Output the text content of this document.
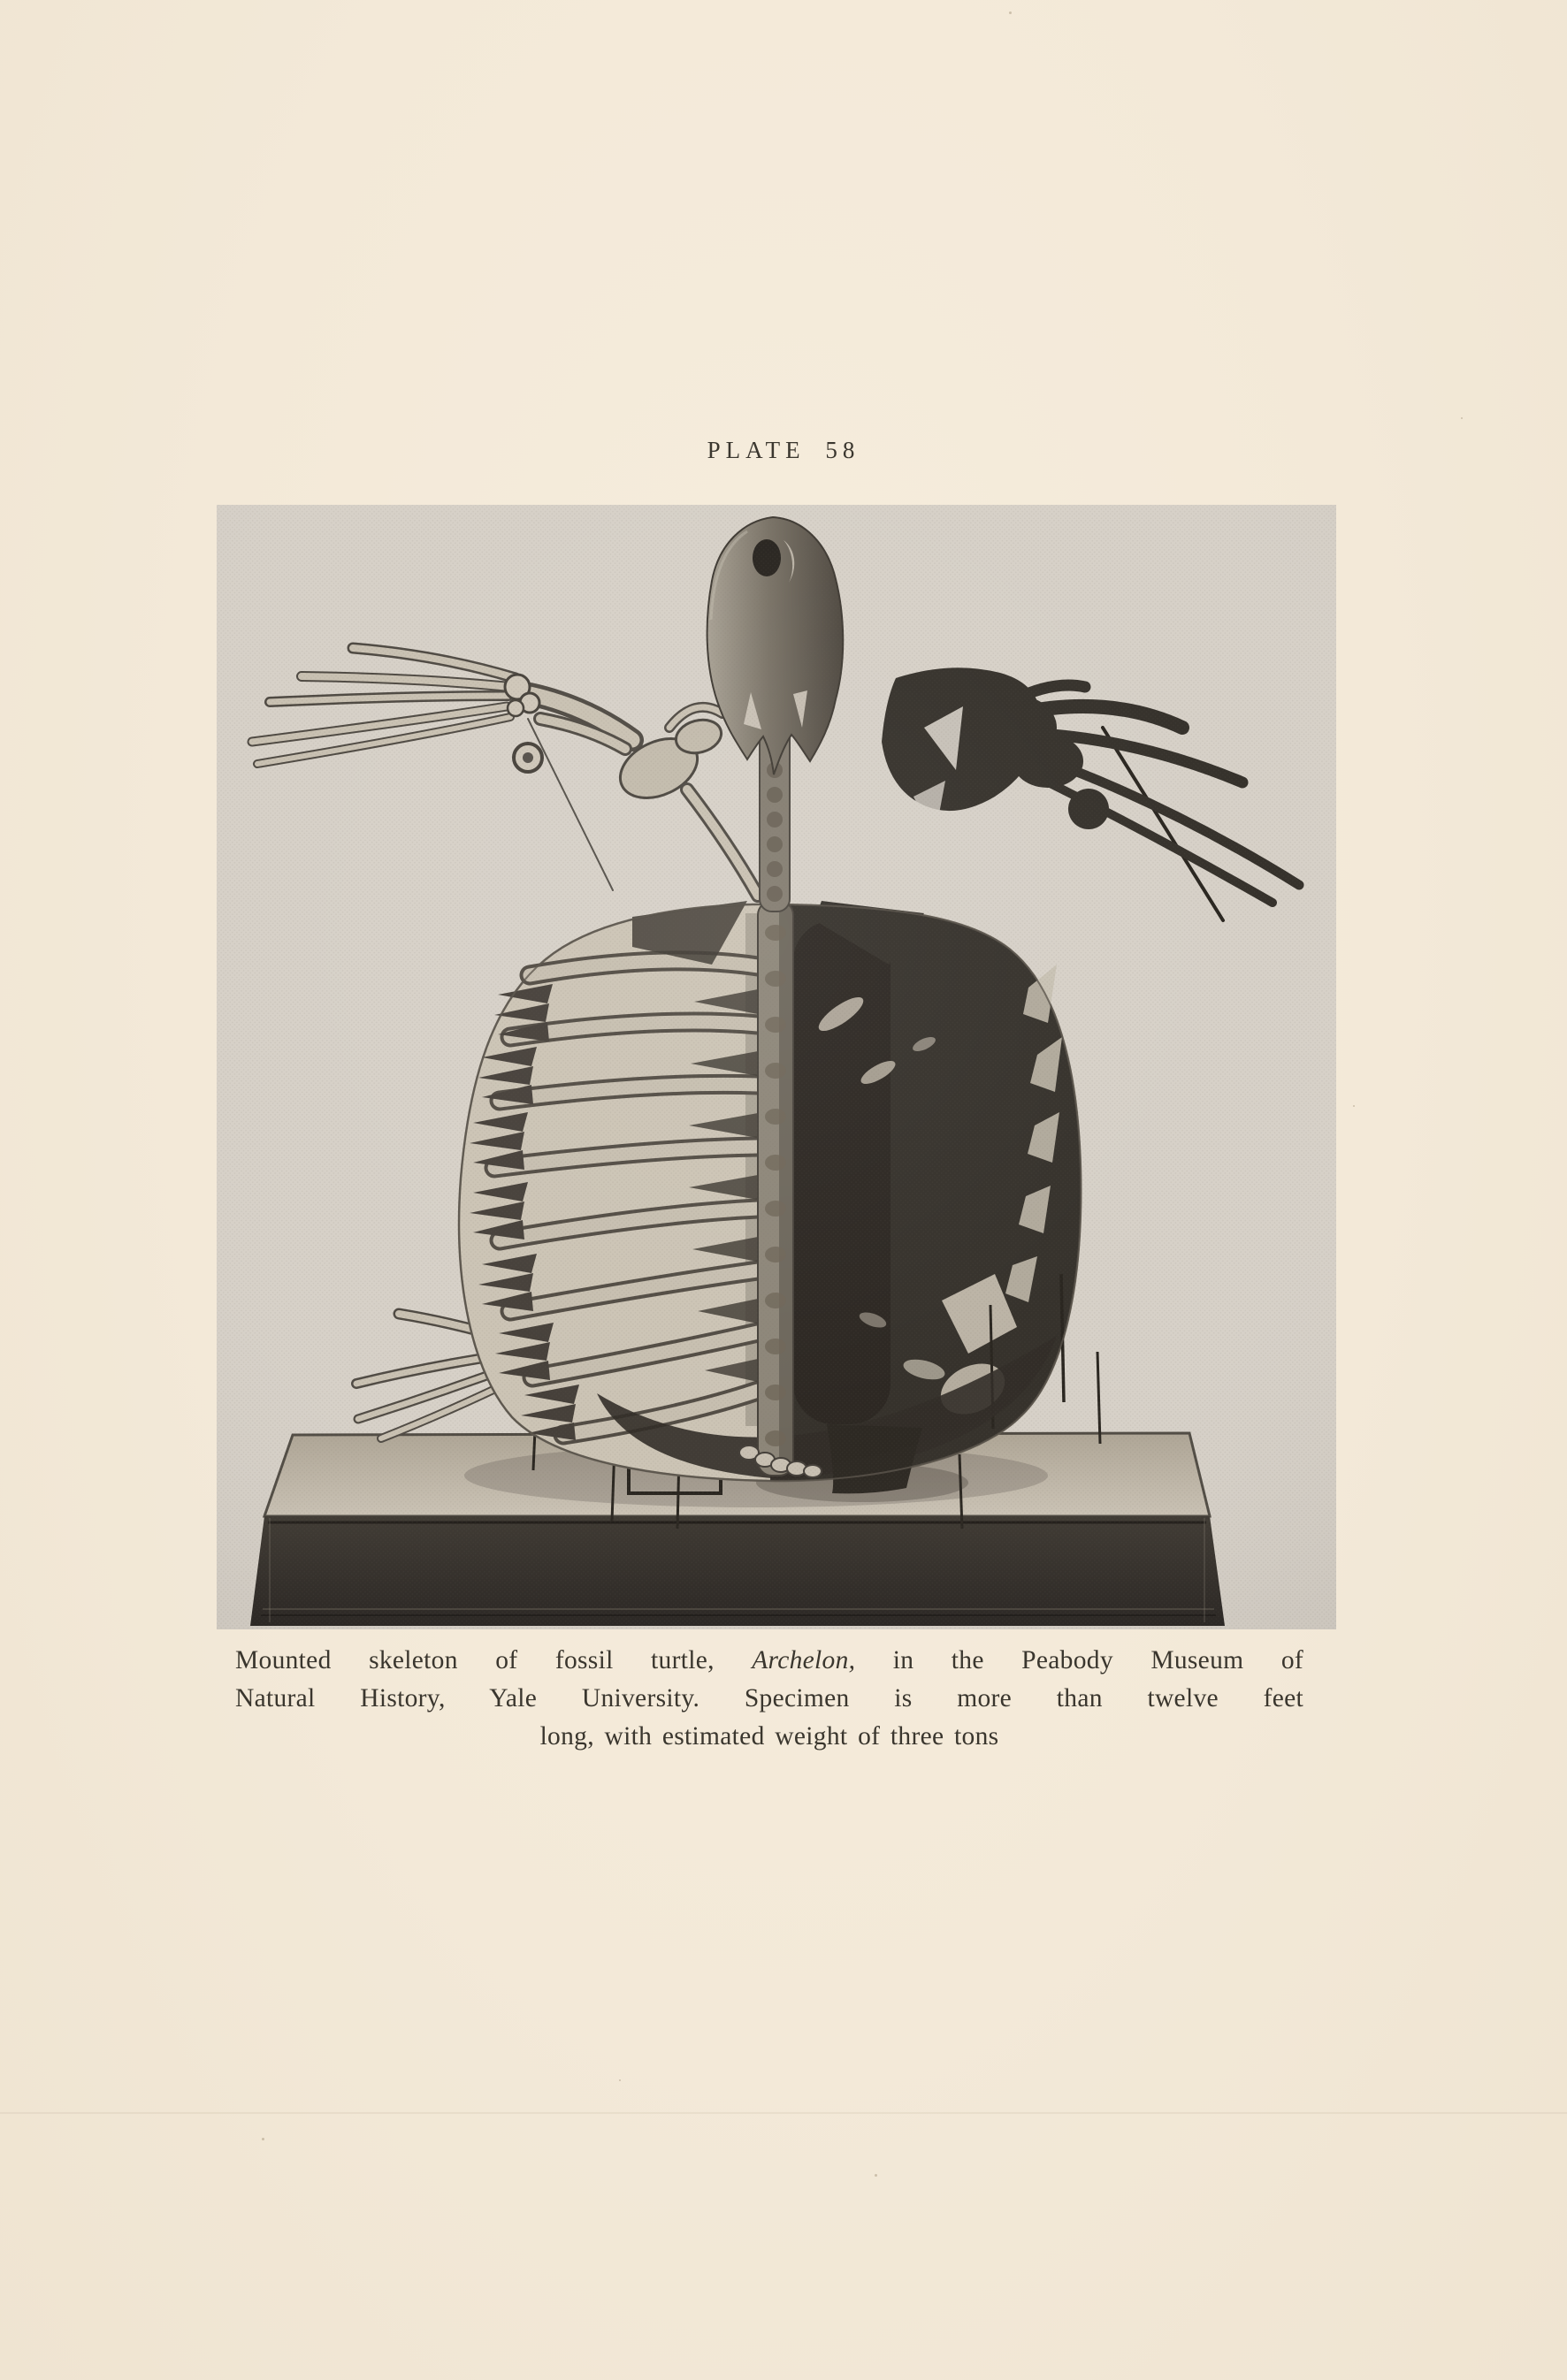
PLATE 58
Mounted skeleton of fossil turtle, Archelon, in the Peabody Museum of
Natural History, Yale University. Specimen is more than twelve feet
long, with estimated weight of three tons
